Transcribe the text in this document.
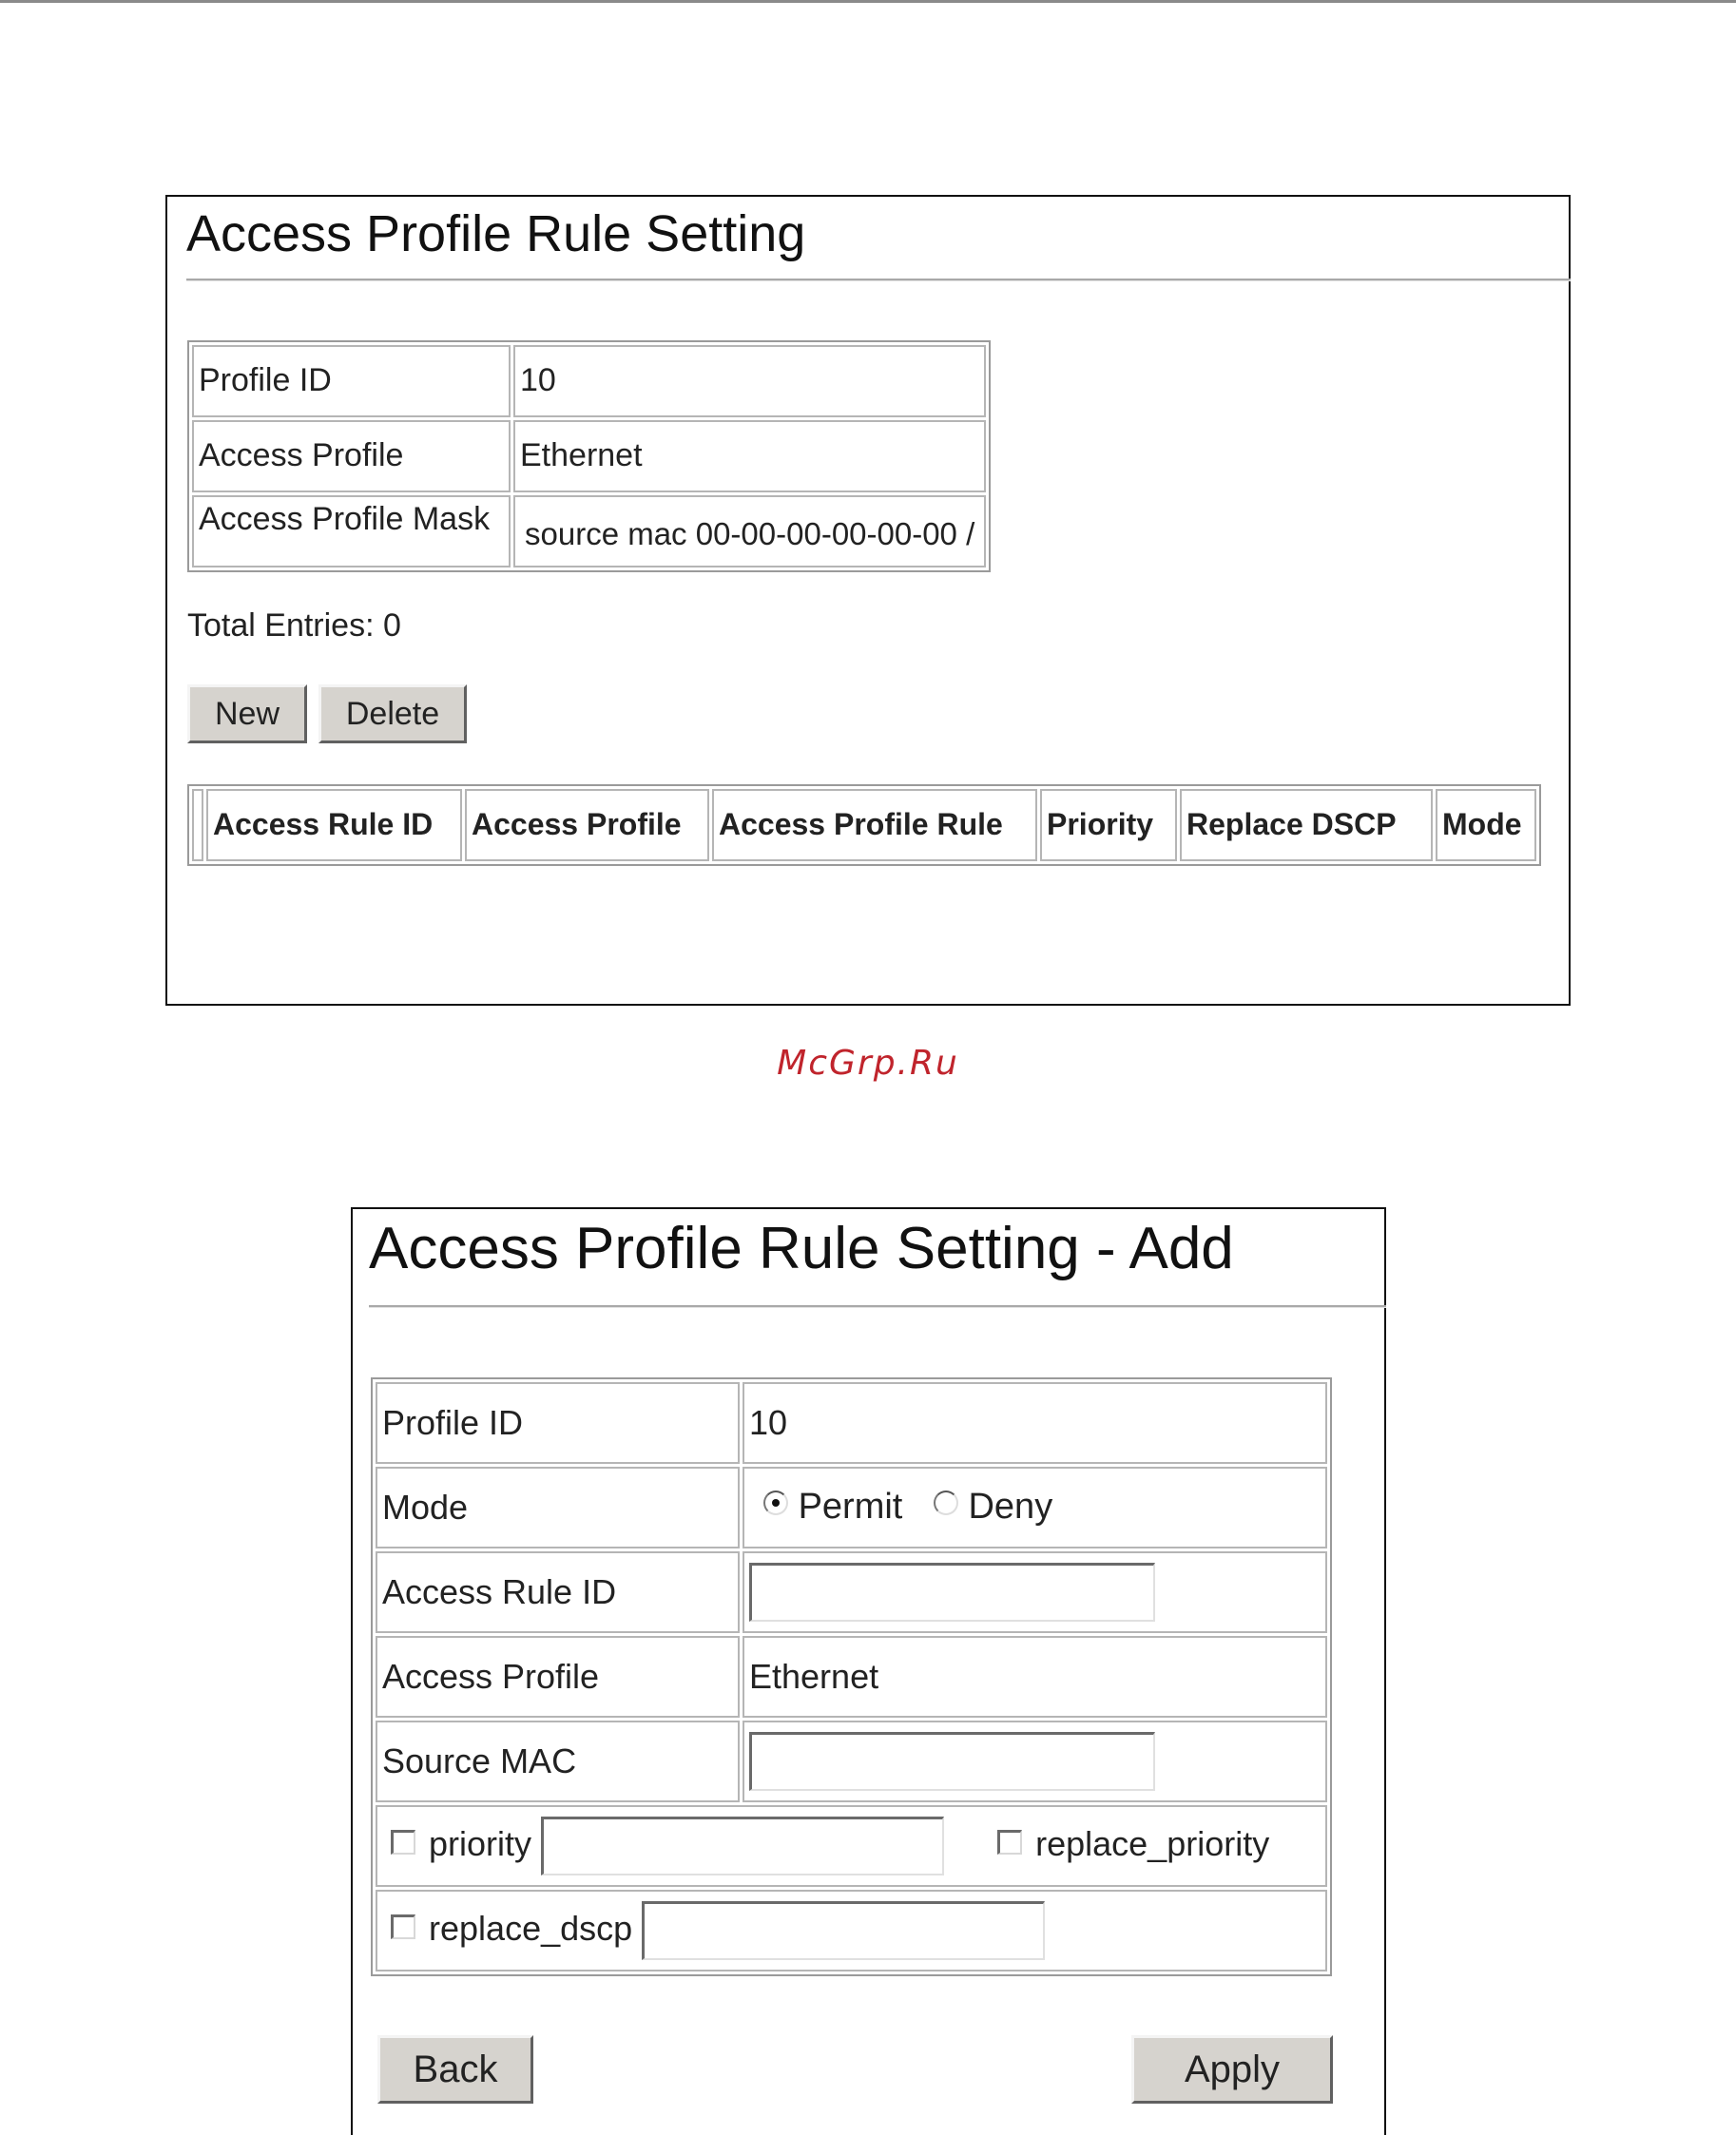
Access Profile Rule Setting
Profile ID	10
Access Profile	Ethernet
Access Profile Mask	source mac 00-00-00-00-00-00 /
Total Entries: 0
New	Delete
	Access Rule ID	Access Profile	Access Profile Rule	Priority	Replace DSCP	Mode
McGrp.Ru
Access Profile Rule Setting - Add
Profile ID	10
Mode	Permit Deny
Access Rule ID	
Access Profile	Ethernet
Source MAC	
priority replace_priority	
replace_dscp	
Back	Apply
